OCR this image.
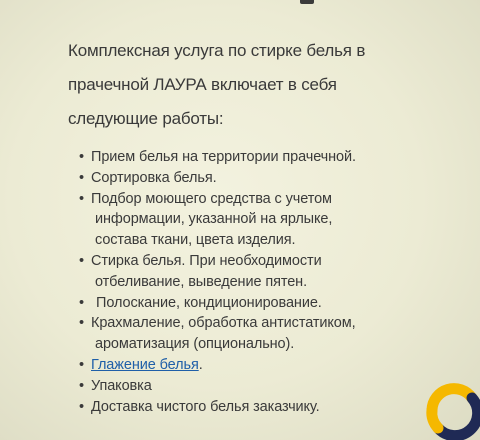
Комплексная услуга по стирке белья в
прачечной ЛАУРА включает в себя
следующие работы:
• Прием белья на территории прачечной.
• Сортировка белья.
• Подбор моющего средства с учетом
информации, указанной на ярлыке,
состава ткани, цвета изделия.
• Стирка белья. При необходимости
отбеливание, выведение пятен.
• Полоскание, кондиционирование.
• Крахмаление, обработка антистатиком,
ароматизация (опционально).
• Глажение белья.
• Упаковка
• Доставка чистого белья заказчику.
